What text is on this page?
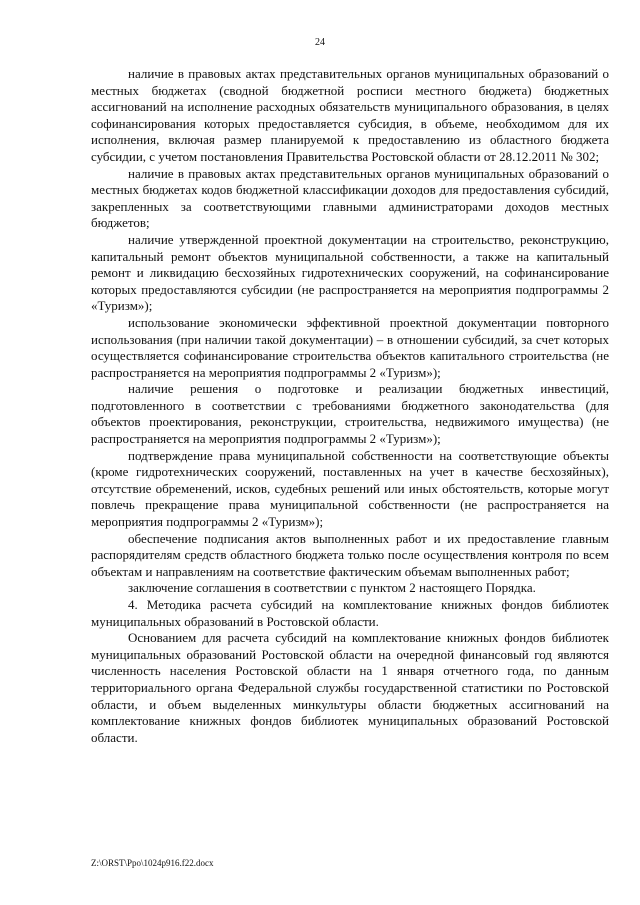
24

наличие в правовых актах представительных органов муниципальных образований о местных бюджетах (сводной бюджетной росписи местного бюджета) бюджетных ассигнований на исполнение расходных обязательств муниципального образования, в целях софинансирования которых предоставляется субсидия, в объеме, необходимом для их исполнения, включая размер планируемой к предоставлению из областного бюджета субсидии, с учетом постановления Правительства Ростовской области от 28.12.2011 № 302;

наличие в правовых актах представительных органов муниципальных образований о местных бюджетах кодов бюджетной классификации доходов для предоставления субсидий, закрепленных за соответствующими главными администраторами доходов местных бюджетов;

наличие утвержденной проектной документации на строительство, реконструкцию, капитальный ремонт объектов муниципальной собственности, а также на капитальный ремонт и ликвидацию бесхозяйных гидротехнических сооружений, на софинансирование которых предоставляются субсидии (не распространяется на мероприятия подпрограммы 2 «Туризм»);

использование экономически эффективной проектной документации повторного использования (при наличии такой документации) – в отношении субсидий, за счет которых осуществляется софинансирование строительства объектов капитального строительства (не распространяется на мероприятия подпрограммы 2 «Туризм»);

наличие решения о подготовке и реализации бюджетных инвестиций, подготовленного в соответствии с требованиями бюджетного законодательства (для объектов проектирования, реконструкции, строительства, недвижимого имущества) (не распространяется на мероприятия подпрограммы 2 «Туризм»);

подтверждение права муниципальной собственности на соответствующие объекты (кроме гидротехнических сооружений, поставленных на учет в качестве бесхозяйных), отсутствие обременений, исков, судебных решений или иных обстоятельств, которые могут повлечь прекращение права муниципальной собственности (не распространяется на мероприятия подпрограммы 2 «Туризм»);

обеспечение подписания актов выполненных работ и их предоставление главным распорядителям средств областного бюджета только после осуществления контроля по всем объектам и направлениям на соответствие фактическим объемам выполненных работ;

заключение соглашения в соответствии с пунктом 2 настоящего Порядка.

4. Методика расчета субсидий на комплектование книжных фондов библиотек муниципальных образований в Ростовской области.

Основанием для расчета субсидий на комплектование книжных фондов библиотек муниципальных образований Ростовской области на очередной финансовый год являются численность населения Ростовской области на 1 января отчетного года, по данным территориального органа Федеральной службы государственной статистики по Ростовской области, и объем выделенных минкультуры области бюджетных ассигнований на комплектование книжных фондов библиотек муниципальных образований Ростовской области.

Z:\ORST\Ppo\1024p916.f22.docx
